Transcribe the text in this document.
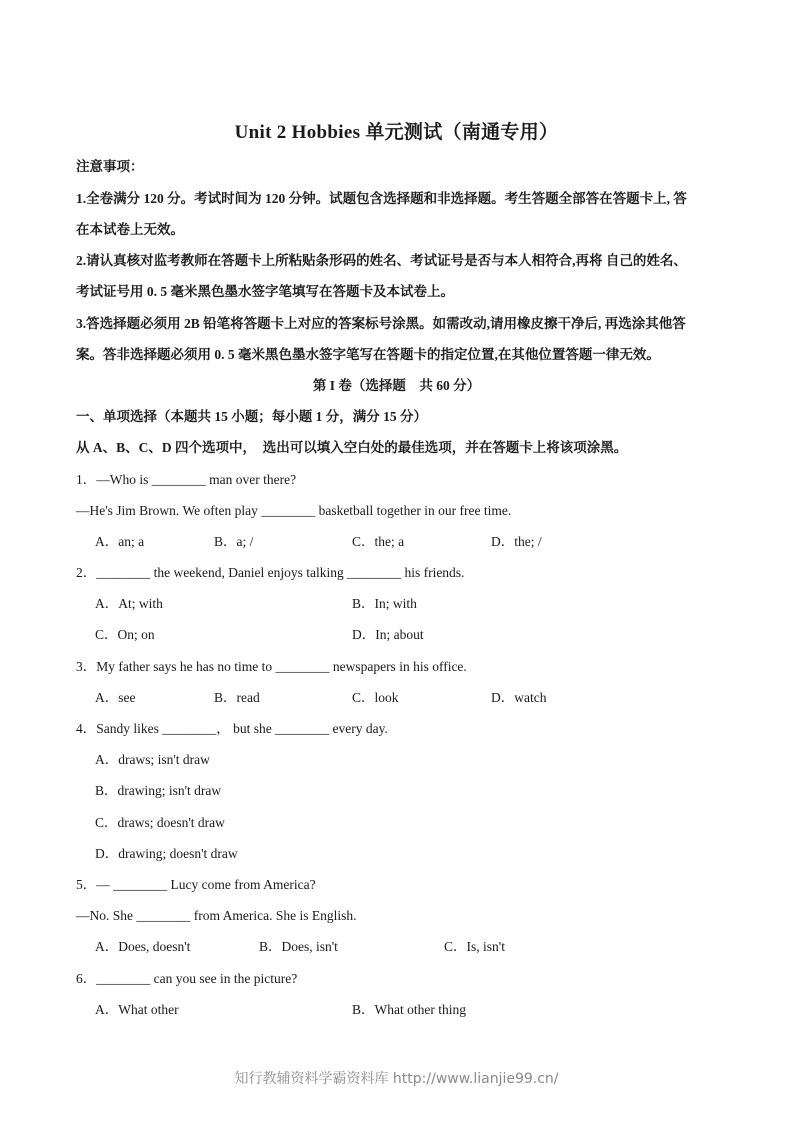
Unit 2 Hobbies 单元测试（南通专用）
注意事项：
1.全卷满分 120 分。考试时间为 120 分钟。试题包含选择题和非选择题。考生答题全部答在答题卡上, 答
在本试卷上无效。
2.请认真核对监考教师在答题卡上所粘贴条形码的姓名、考试证号是否与本人相符合,再将 自己的姓名、
考试证号用 0. 5 毫米黑色墨水签字笔填写在答题卡及本试卷上。
3.答选择题必须用 2B 铅笔将答题卡上对应的答案标号涂黑。如需改动,请用橡皮擦干净后, 再选涂其他答
案。答非选择题必须用 0. 5 毫米黑色墨水签字笔写在答题卡的指定位置,在其他位置答题一律无效。
第 I 卷（选择题　共 60 分）
一、单项选择（本题共 15 小题；每小题 1 分，满分 15 分）
从 A、B、C、D 四个选项中，　选出可以填入空白处的最佳选项，并在答题卡上将该项涂黑。
1．—Who is ________ man over there?
—He's Jim Brown. We often play ________ basketball together in our free time.
A．an; a	B．a; /	C．the; a	D．the; /
2．________ the weekend, Daniel enjoys talking ________ his friends.
A．At; with	B．In; with
C．On; on	D．In; about
3．My father says he has no time to ________ newspapers in his office.
A．see	B．read	C．look	D．watch
4．Sandy likes ________， but she ________ every day.
A．draws; isn't draw
B．drawing; isn't draw
C．draws; doesn't draw
D．drawing; doesn't draw
5．— ________ Lucy come from America?
—No. She ________ from America. She is English.
A．Does, doesn't	B．Does, isn't	C．Is, isn't
6．________ can you see in the picture?
A．What other	B．What other thing
知行教辅资料学霸资料库 http://www.lianjie99.cn/
